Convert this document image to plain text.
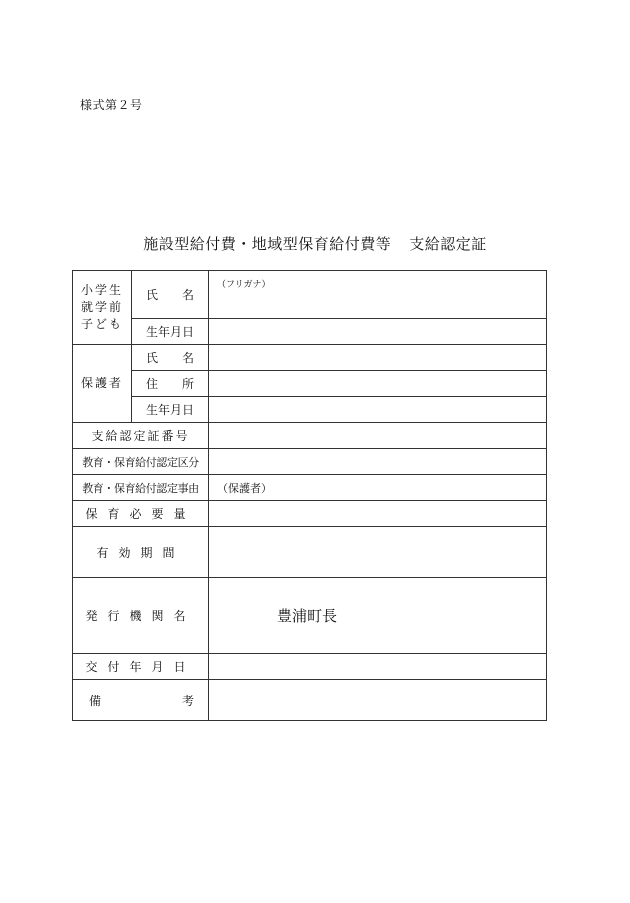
様式第２号
施設型給付費・地域型保育給付費等 支給認定証
小学生
就学前
子ども	氏　　名	（フリガナ）
	生年月日	
保護者	氏　　名	
	住　　所	
	生年月日	
支給認定証番号		
教育・保育給付認定区分		
教育・保育給付認定事由		（保護者）
保育必要量		
有効期間		
発行機関名		豊浦町長
交付年月日		

備 考		
